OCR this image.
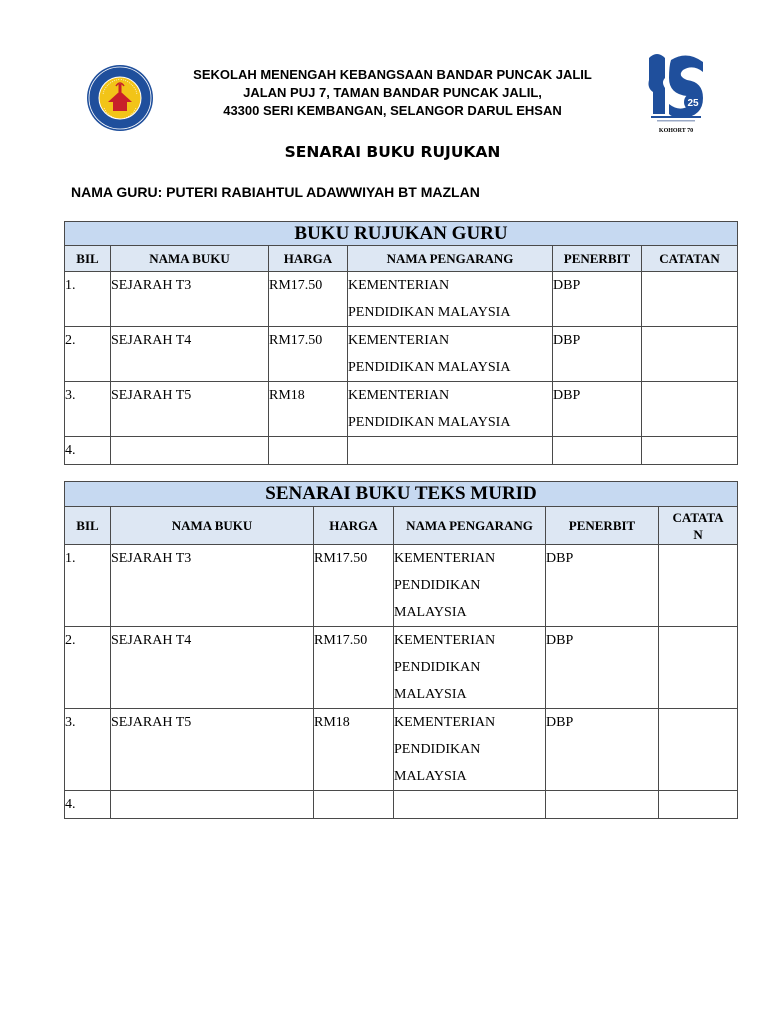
SEKOLAH MENENGAH KEBANGSAAN BANDAR PUNCAK JALIL
JALAN PUJ 7, TAMAN BANDAR PUNCAK JALIL,
43300 SERI KEMBANGAN, SELANGOR DARUL EHSAN	25
KOHORT 70
SENARAI BUKU RUJUKAN
NAMA GURU: PUTERI RABIAHTUL ADAWWIYAH BT MAZLAN
BUKU RUJUKAN GURU					
BIL	NAMA BUKU	HARGA	NAMA PENGARANG	PENERBIT	CATATAN
1.	SEJARAH T3	RM17.50	KEMENTERIAN
PENDIDIKAN MALAYSIA	DBP	
2.	SEJARAH T4	RM17.50	KEMENTERIAN
PENDIDIKAN MALAYSIA	DBP	
3.	SEJARAH T5	RM18	KEMENTERIAN
PENDIDIKAN MALAYSIA	DBP	
4.					
SENARAI BUKU TEKS MURID					
BIL	NAMA BUKU	HARGA	NAMA PENGARANG	PENERBIT	CATATA
N
1.	SEJARAH T3	RM17.50	KEMENTERIAN
PENDIDIKAN
MALAYSIA	DBP	
2.	SEJARAH T4	RM17.50	KEMENTERIAN
PENDIDIKAN
MALAYSIA	DBP	
3.	SEJARAH T5	RM18	KEMENTERIAN
PENDIDIKAN
MALAYSIA	DBP	
4.					
